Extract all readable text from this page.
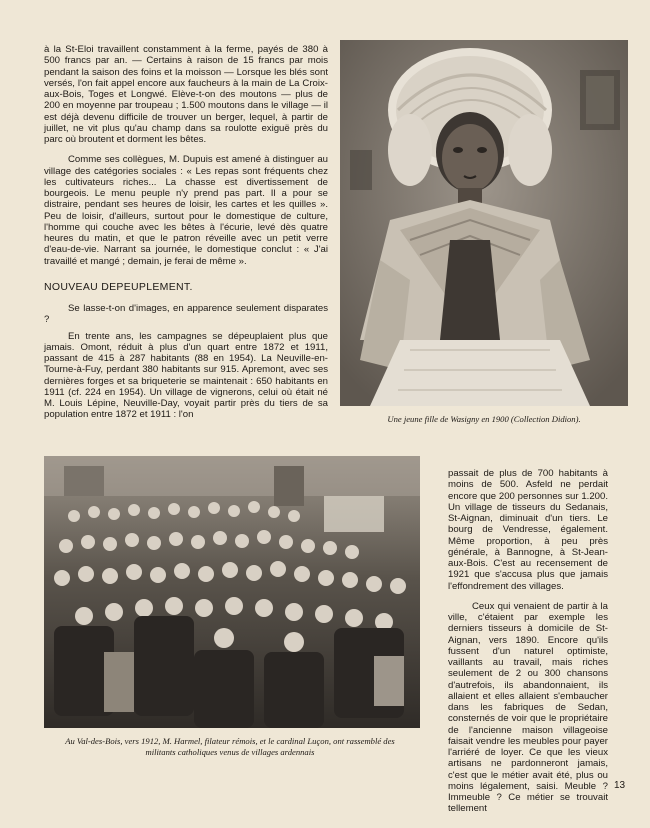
à la St-Eloi travaillent constamment à la ferme, payés de 380 à 500 francs par an. — Certains à raison de 15 francs par mois pendant la saison des foins et la moisson — Lorsque les blés sont versés, l'on fait appel encore aux faucheurs à la main de La Croix-aux-Bois, Toges et Longwé. Elève-t-on des moutons — plus de 200 en moyenne par troupeau ; 1.500 moutons dans le village — il est déjà devenu difficile de trouver un berger, lequel, à partir de juillet, ne vit plus qu'au champ dans sa roulotte exiguë près du parc où broutent et dorment les bêtes.

Comme ses collègues, M. Dupuis est amené à distinguer au village des catégories sociales : « Les repas sont fréquents chez les cultivateurs riches... La chasse est divertissement de bourgeois. Le menu peuple n'y prend pas part. Il a pour se distraire, pendant ses heures de loisir, les cartes et les quilles ». Peu de loisir, d'ailleurs, surtout pour le domestique de culture, l'homme qui couche avec les bêtes à l'écurie, levé dès quatre heures du matin, et que le patron réveille avec un petit verre d'eau-de-vie. Narrant sa journée, le domestique conclut : « J'ai travaillé et mangé ; demain, je ferai de même ».

NOUVEAU DEPEUPLEMENT.

Se lasse-t-on d'images, en apparence seulement disparates ?

En trente ans, les campagnes se dépeuplaient plus que jamais. Omont, réduit à plus d'un quart entre 1872 et 1911, passant de 415 à 287 habitants (88 en 1954). La Neuville-en-Tourne-à-Fuy, perdant 380 habitants sur 915. Apremont, avec ses dernières forges et sa briqueterie se maintenait : 650 habitants en 1911 (cf. 224 en 1954). Un village de vignerons, celui où était né M. Louis Lépine, Neuville-Day, voyait partir près du tiers de sa population entre 1872 et 1911 : l'on	Une jeune fille de Wasigny en 1900 (Collection Didion).
Au Val-des-Bois, vers 1912, M. Harmel, filateur rémois, et le cardinal Luçon, ont rassemblé des militants catholiques venus de villages ardennais

passait de plus de 700 habitants à moins de 500. Asfeld ne perdait encore que 200 personnes sur 1.200. Un village de tisseurs du Sedanais, St-Aignan, diminuait d'un tiers. Le bourg de Vendresse, également. Même proportion, à peu près générale, à Bannogne, à St-Jean-aux-Bois. C'est au recensement de 1921 que s'accusa plus que jamais l'effondrement des villages.

Ceux qui venaient de partir à la ville, c'étaient par exemple les derniers tisseurs à domicile de St-Aignan, vers 1890. Encore qu'ils fussent d'un naturel optimiste, vaillants au travail, mais riches seulement de 2 ou 300 chansons d'autrefois, ils abandonnaient, ils allaient et elles allaient s'embaucher dans les fabriques de Sedan, consternés de voir que le propriétaire de l'ancienne maison villageoise faisait vendre les meubles pour payer l'arriéré de loyer. Ce que les vieux artisans ne pardonneront jamais, c'est que le métier avait été, plus ou moins légalement, saisi. Meuble ? Immeuble ? Ce métier se trouvait tellement

13
